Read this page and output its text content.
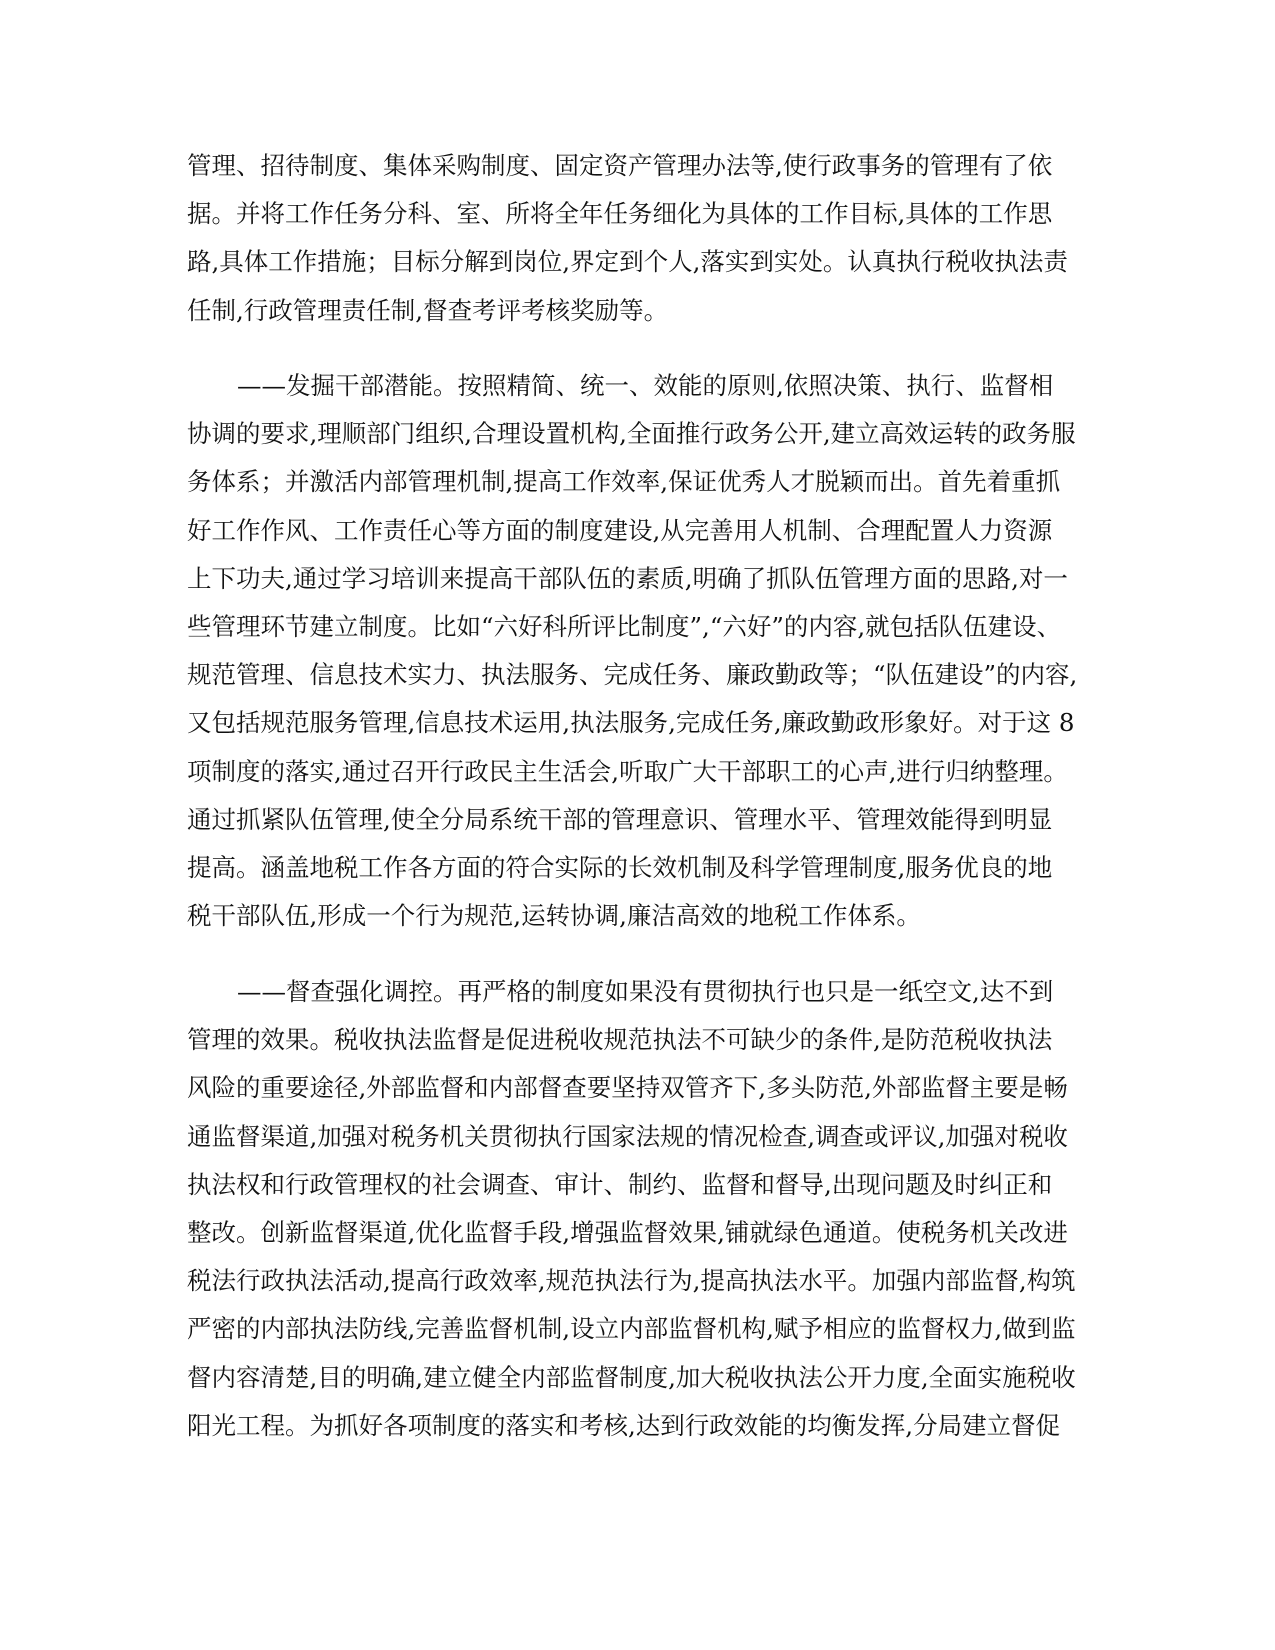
管理、招待制度、集体采购制度、固定资产管理办法等,使行政事务的管理有了依
据。并将工作任务分科、室、所将全年任务细化为具体的工作目标,具体的工作思
路,具体工作措施；目标分解到岗位,界定到个人,落实到实处。认真执行税收执法责
任制,行政管理责任制,督查考评考核奖励等。
——发掘干部潜能。按照精简、统一、效能的原则,依照决策、执行、监督相
协调的要求,理顺部门组织,合理设置机构,全面推行政务公开,建立高效运转的政务服
务体系；并激活内部管理机制,提高工作效率,保证优秀人才脱颖而出。首先着重抓
好工作作风、工作责任心等方面的制度建设,从完善用人机制、合理配置人力资源
上下功夫,通过学习培训来提高干部队伍的素质,明确了抓队伍管理方面的思路,对一
些管理环节建立制度。比如“六好科所评比制度”,“六好”的内容,就包括队伍建设、
规范管理、信息技术实力、执法服务、完成任务、廉政勤政等；“队伍建设”的内容,
又包括规范服务管理,信息技术运用,执法服务,完成任务,廉政勤政形象好。对于这 8
项制度的落实,通过召开行政民主生活会,听取广大干部职工的心声,进行归纳整理。
通过抓紧队伍管理,使全分局系统干部的管理意识、管理水平、管理效能得到明显
提高。涵盖地税工作各方面的符合实际的长效机制及科学管理制度,服务优良的地
税干部队伍,形成一个行为规范,运转协调,廉洁高效的地税工作体系。
——督查强化调控。再严格的制度如果没有贯彻执行也只是一纸空文,达不到
管理的效果。税收执法监督是促进税收规范执法不可缺少的条件,是防范税收执法
风险的重要途径,外部监督和内部督查要坚持双管齐下,多头防范,外部监督主要是畅
通监督渠道,加强对税务机关贯彻执行国家法规的情况检查,调查或评议,加强对税收
执法权和行政管理权的社会调查、审计、制约、监督和督导,出现问题及时纠正和
整改。创新监督渠道,优化监督手段,增强监督效果,铺就绿色通道。使税务机关改进
税法行政执法活动,提高行政效率,规范执法行为,提高执法水平。加强内部监督,构筑
严密的内部执法防线,完善监督机制,设立内部监督机构,赋予相应的监督权力,做到监
督内容清楚,目的明确,建立健全内部监督制度,加大税收执法公开力度,全面实施税收
阳光工程。为抓好各项制度的落实和考核,达到行政效能的均衡发挥,分局建立督促
